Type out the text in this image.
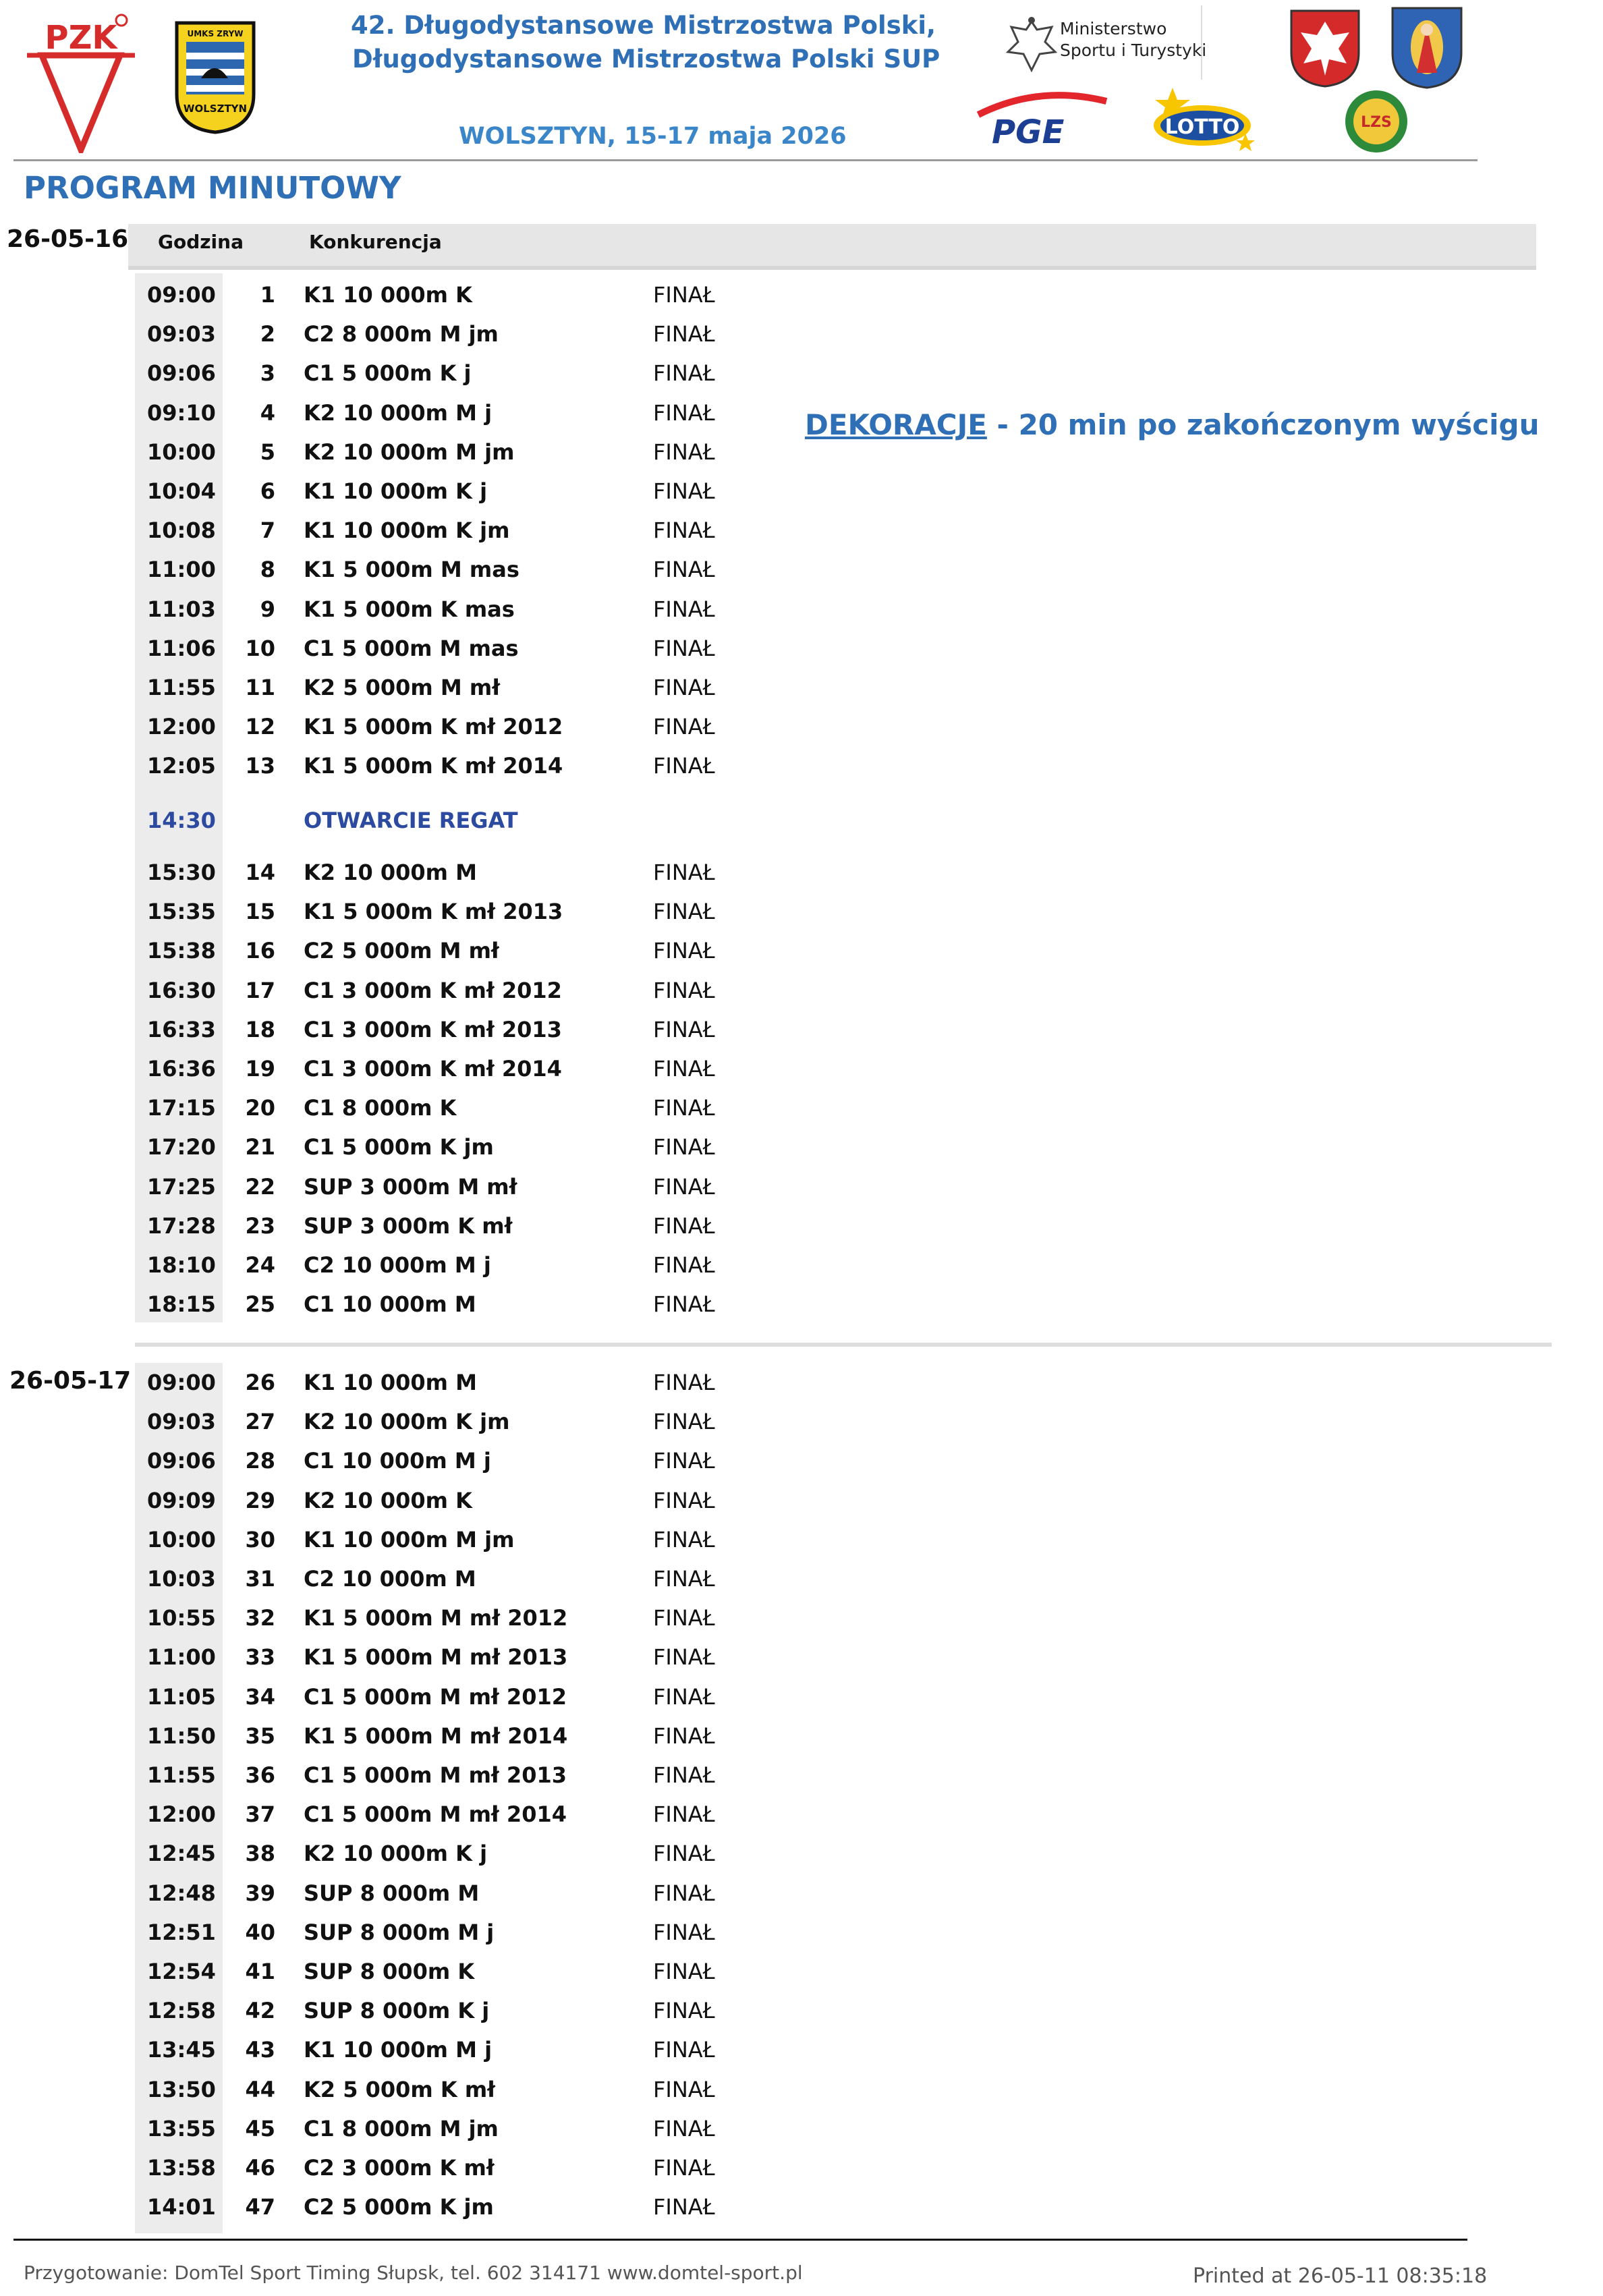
PZK	UMKS ZRYW
WOLSZTYN
42. Długodystansowe Mistrzostwa Polski,
Długodystansowe Mistrzostwa Polski SUP
WOLSZTYN, 15-17 maja 2026
Ministerstwo
Sportu i Turystyki
PGE	LOTTO	LZS
PROGRAM MINUTOWY
26-05-16 Godzina	Konkurencja
26-05-17
09:00	1 K1 10 000m K	FINAŁ
09:03	2 C2 8 000m M jm	FINAŁ
09:06	3 C1 5 000m K j	FINAŁ
09:10	4 K2 10 000m M j	FINAŁ
10:00	5 K2 10 000m M jm	FINAŁ
10:04	6 K1 10 000m K j	FINAŁ
10:08	7 K1 10 000m K jm	FINAŁ
11:00	8 K1 5 000m M mas	FINAŁ
11:03	9 K1 5 000m K mas	FINAŁ
11:06 10 C1 5 000m M mas	FINAŁ
11:55 11 K2 5 000m M mł	FINAŁ
12:00 12 K1 5 000m K mł 2012	FINAŁ
12:05 13 K1 5 000m K mł 2014	FINAŁ
14:30	OTWARCIE REGAT
15:30 14 K2 10 000m M	FINAŁ
15:35 15 K1 5 000m K mł 2013	FINAŁ
15:38 16 C2 5 000m M mł	FINAŁ
16:30 17 C1 3 000m K mł 2012	FINAŁ
16:33 18 C1 3 000m K mł 2013	FINAŁ
16:36 19 C1 3 000m K mł 2014	FINAŁ
17:15 20 C1 8 000m K	FINAŁ
17:20 21 C1 5 000m K jm	FINAŁ
17:25 22 SUP 3 000m M mł	FINAŁ
17:28 23 SUP 3 000m K mł	FINAŁ
18:10 24 C2 10 000m M j	FINAŁ
18:15 25 C1 10 000m M	FINAŁ
09:00 26 K1 10 000m M	FINAŁ
09:03 27 K2 10 000m K jm	FINAŁ
09:06 28 C1 10 000m M j	FINAŁ
09:09 29 K2 10 000m K	FINAŁ
10:00 30 K1 10 000m M jm	FINAŁ
10:03 31 C2 10 000m M	FINAŁ
10:55 32 K1 5 000m M mł 2012	FINAŁ
11:00 33 K1 5 000m M mł 2013	FINAŁ
11:05 34 C1 5 000m M mł 2012	FINAŁ
11:50 35 K1 5 000m M mł 2014	FINAŁ
11:55 36 C1 5 000m M mł 2013	FINAŁ
12:00 37 C1 5 000m M mł 2014	FINAŁ
12:45 38 K2 10 000m K j	FINAŁ
12:48 39 SUP 8 000m M	FINAŁ
12:51 40 SUP 8 000m M j	FINAŁ
12:54 41 SUP 8 000m K	FINAŁ
12:58 42 SUP 8 000m K j	FINAŁ
13:45 43 K1 10 000m M j	FINAŁ
13:50 44 K2 5 000m K mł	FINAŁ
13:55 45 C1 8 000m M jm	FINAŁ
13:58 46 C2 3 000m K mł	FINAŁ
14:01 47 C2 5 000m K jm	FINAŁ
DEKORACJE - 20 min po zakończonym wyścigu
Przygotowanie: DomTel Sport Timing Słupsk, tel. 602 314171 www.domtel-sport.pl	Printed at 26-05-11 08:35:18
